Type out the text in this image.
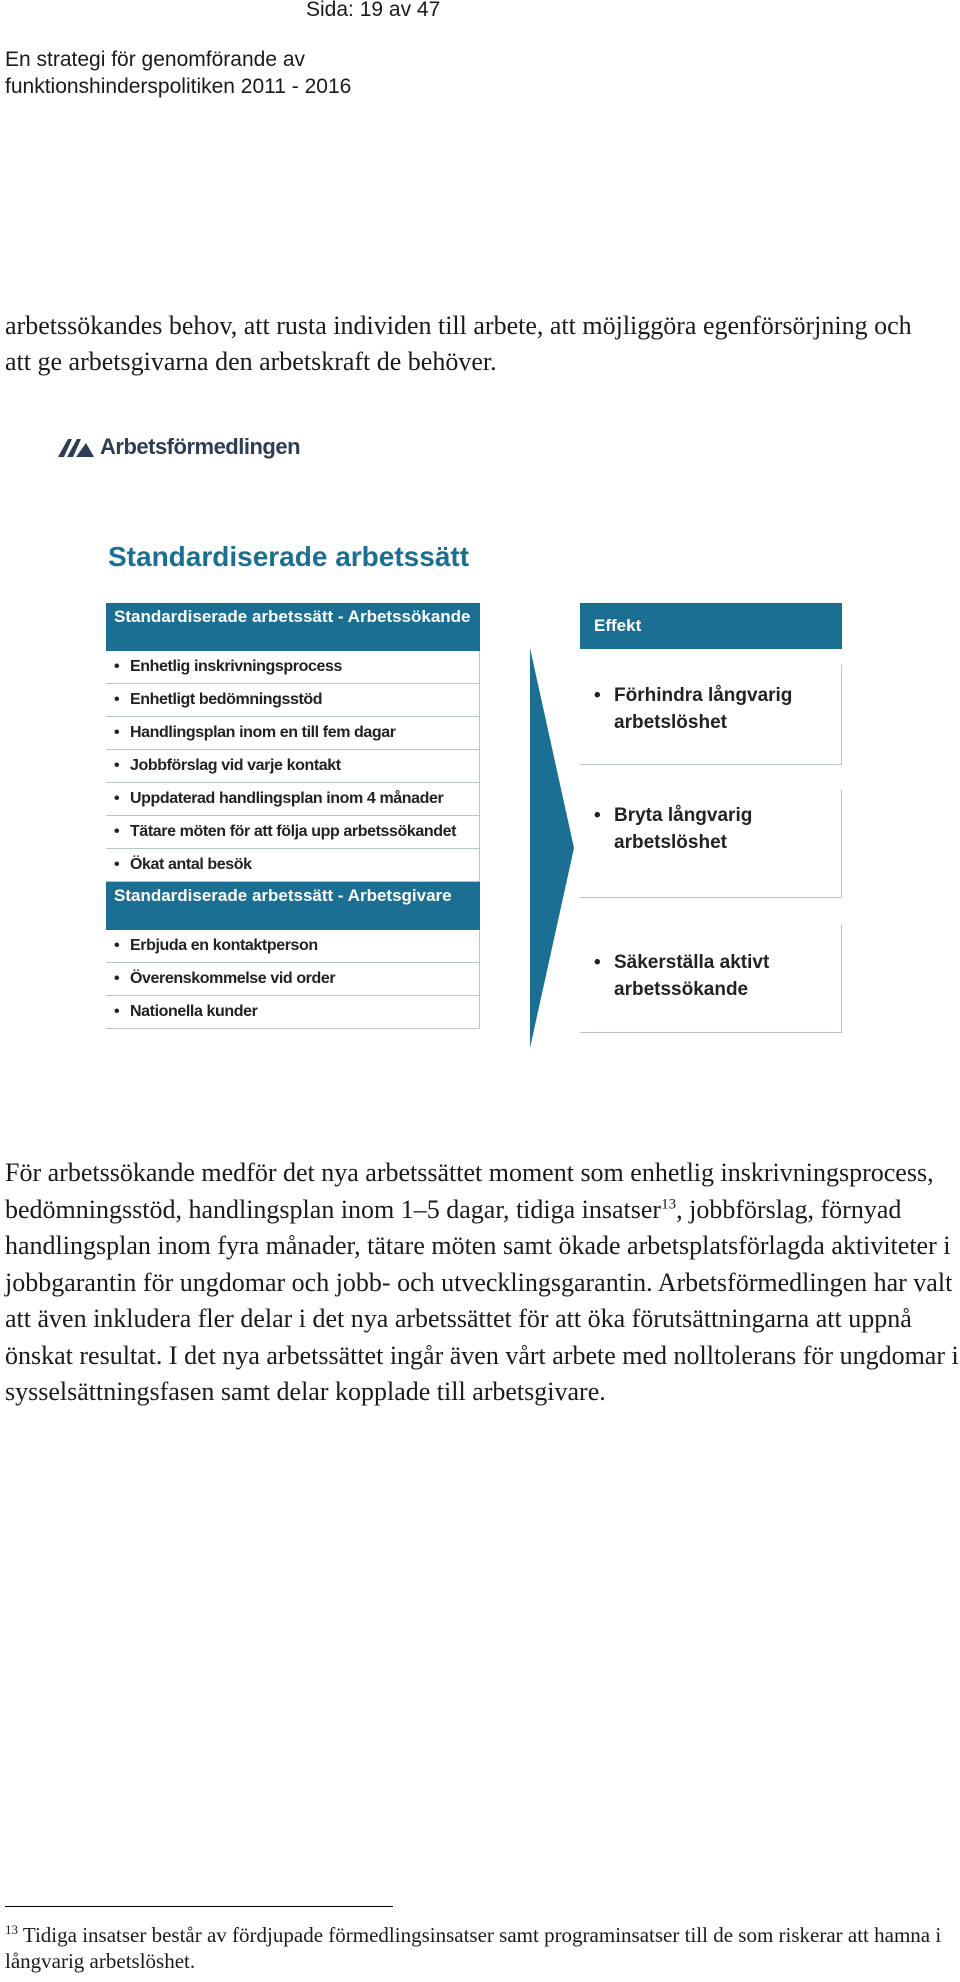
Sida: 19 av 47
En strategi för genomförande av funktionshinderspolitiken 2011 - 2016
arbetssökandes behov, att rusta individen till arbete, att möjliggöra egenförsörjning och att ge arbetsgivarna den arbetskraft de behöver.
Arbetsförmedlingen
Standardiserade arbetssätt
Standardiserade arbetssätt - Arbetssökande
• Enhetlig inskrivningsprocess
• Enhetligt bedömningsstöd
• Handlingsplan inom en till fem dagar
• Jobbförslag vid varje kontakt
• Uppdaterad handlingsplan inom 4 månader
• Tätare möten för att följa upp arbetssökandet
• Ökat antal besök
Standardiserade arbetssätt - Arbetsgivare
• Erbjuda en kontaktperson
• Överenskommelse vid order
• Nationella kunder
Effekt
• Förhindra långvarig arbetslöshet
• Bryta långvarig arbetslöshet
• Säkerställa aktivt arbetssökande
För arbetssökande medför det nya arbetssättet moment som enhetlig inskrivningsprocess, bedömningsstöd, handlingsplan inom 1–5 dagar, tidiga insatser$^{13}$, jobbförslag, förnyad handlingsplan inom fyra månader, tätare möten samt ökade arbetsplatsförlagda aktiviteter i jobbgarantin för ungdomar och jobb- och utvecklingsgarantin. Arbetsförmedlingen har valt att även inkludera fler delar i det nya arbetssättet för att öka förutsättningarna att uppnå önskat resultat. I det nya arbetssättet ingår även vårt arbete med nolltolerans för ungdomar i sysselsättningsfasen samt delar kopplade till arbetsgivare.
$^{13}$ Tidiga insatser består av fördjupade förmedlingsinsatser samt programinsatser till de som riskerar att hamna i långvarig arbetslöshet.
